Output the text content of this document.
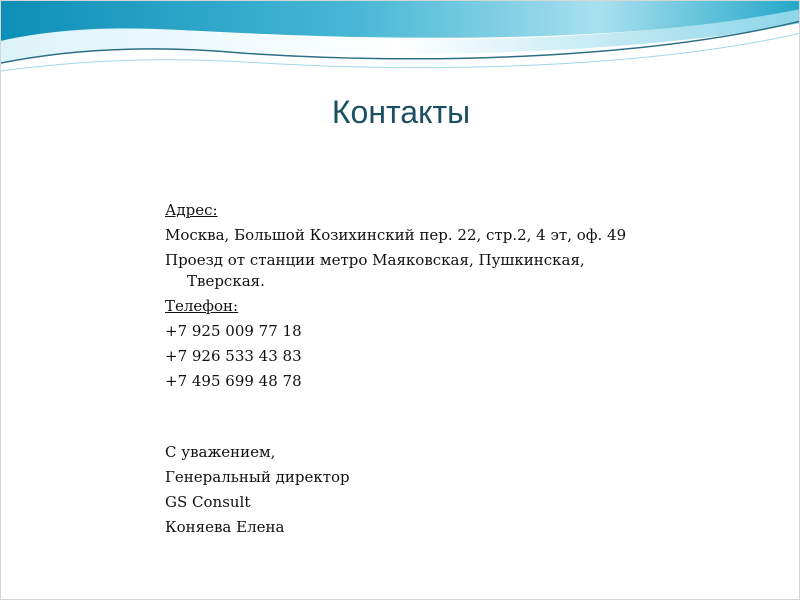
Контакты

Адрес:

Москва, Большой Козихинский пер. 22, стр.2, 4 эт, оф. 49

Проезд от станции метро Маяковская, Пушкинская,

Тверская.

Телефон:

+7 925 009 77 18

+7 926 533 43 83

+7 495 699 48 78

С уважением,

Генеральный директор

GS Consult

Коняева Елена
